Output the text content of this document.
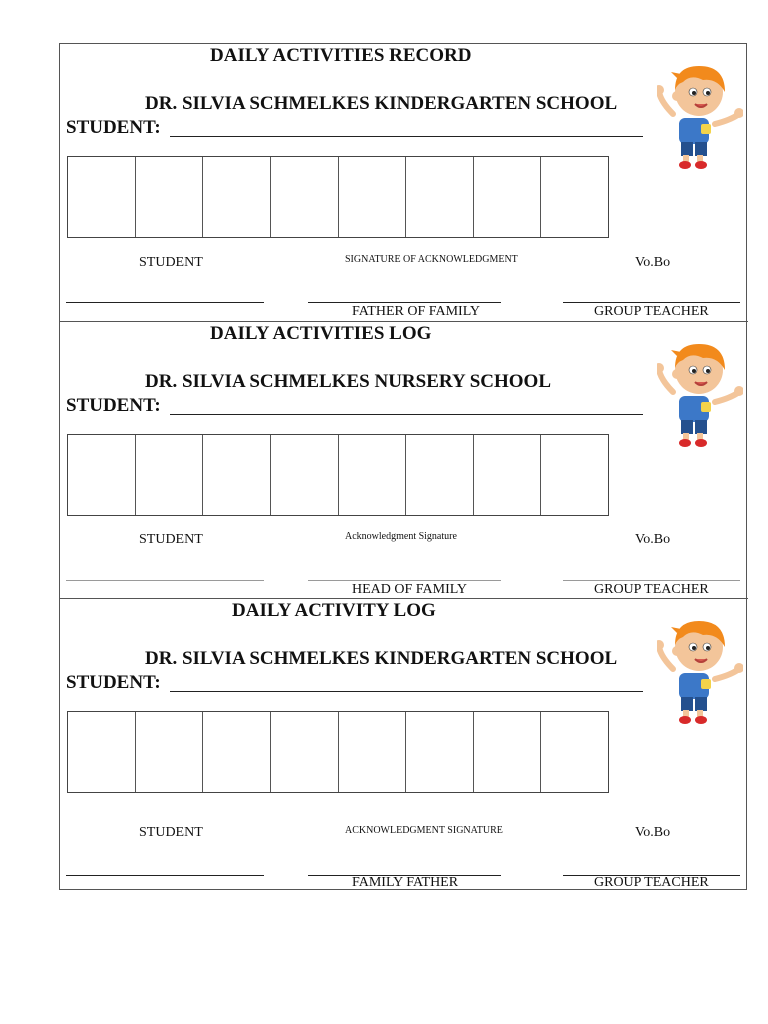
DAILY ACTIVITIES RECORD
DR. SILVIA SCHMELKES KINDERGARTEN SCHOOL
STUDENT:
STUDENT	SIGNATURE OF ACKNOWLEDGMENT	Vo.Bo
FATHER OF FAMILY	GROUP TEACHER
DAILY ACTIVITIES LOG
DR. SILVIA SCHMELKES NURSERY SCHOOL
STUDENT:
STUDENT	Acknowledgment Signature	Vo.Bo
HEAD OF FAMILY	GROUP TEACHER
DAILY ACTIVITY LOG
DR. SILVIA SCHMELKES KINDERGARTEN SCHOOL
STUDENT:
STUDENT	ACKNOWLEDGMENT SIGNATURE	Vo.Bo
FAMILY FATHER	GROUP TEACHER
